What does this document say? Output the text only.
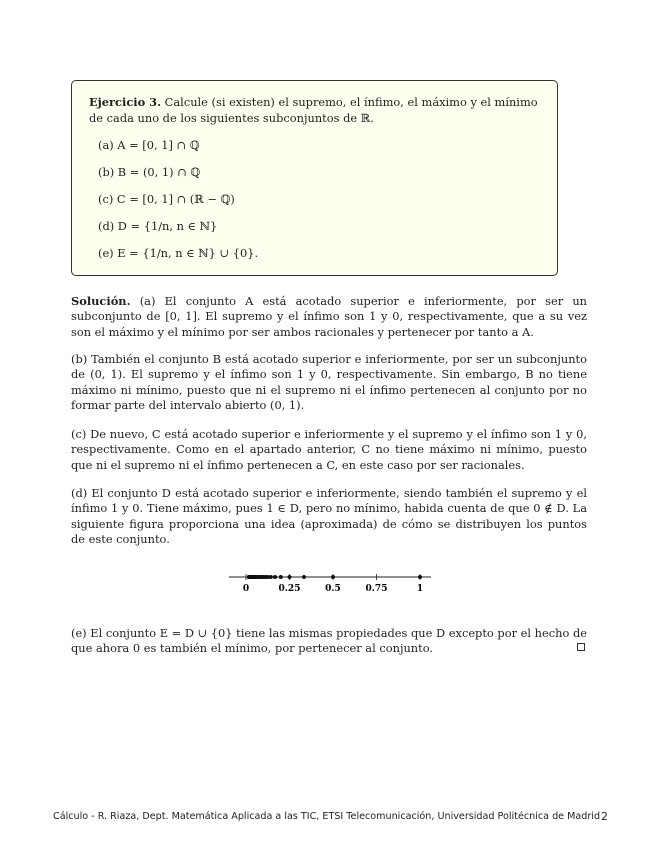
Ejercicio 3. Calcule (si existen) el supremo, el ínfimo, el máximo y el mínimo de cada uno de los siguientes subconjuntos de ℝ.

(a) A = [0, 1] ∩ ℚ
(b) B = (0, 1) ∩ ℚ
(c) C = [0, 1] ∩ (ℝ − ℚ)
(d) D = {1/n, n ∈ ℕ}
(e) E = {1/n, n ∈ ℕ} ∪ {0}.

Solución. (a) El conjunto A está acotado superior e inferiormente, por ser un subconjunto de [0, 1]. El supremo y el ínfimo son 1 y 0, respectivamente, que a su vez son el máximo y el mínimo por ser ambos racionales y pertenecer por tanto a A.

(b) También el conjunto B está acotado superior e inferiormente, por ser un subconjunto de (0, 1). El supremo y el ínfimo son 1 y 0, respectivamente. Sin embargo, B no tiene máximo ni mínimo, puesto que ni el supremo ni el ínfimo pertenecen al conjunto por no formar parte del intervalo abierto (0, 1).

(c) De nuevo, C está acotado superior e inferiormente y el supremo y el ínfimo son 1 y 0, respectivamente. Como en el apartado anterior, C no tiene máximo ni mínimo, puesto que ni el supremo ni el ínfimo pertenecen a C, en este caso por ser racionales.

(d) El conjunto D está acotado superior e inferiormente, siendo también el supremo y el ínfimo 1 y 0. Tiene máximo, pues 1 ∈ D, pero no mínimo, habida cuenta de que 0 ∉ D. La siguiente figura proporciona una idea (aproximada) de cómo se distribuyen los puntos de este conjunto.

0	0.25	0.5	0.75	1

(e) El conjunto E = D ∪ {0} tiene las mismas propiedades que D excepto por el hecho de que ahora 0 es también el mínimo, por pertenecer al conjunto.

Cálculo - R. Riaza, Dept. Matemática Aplicada a las TIC, ETSI Telecomunicación, Universidad Politécnica de Madrid 2
